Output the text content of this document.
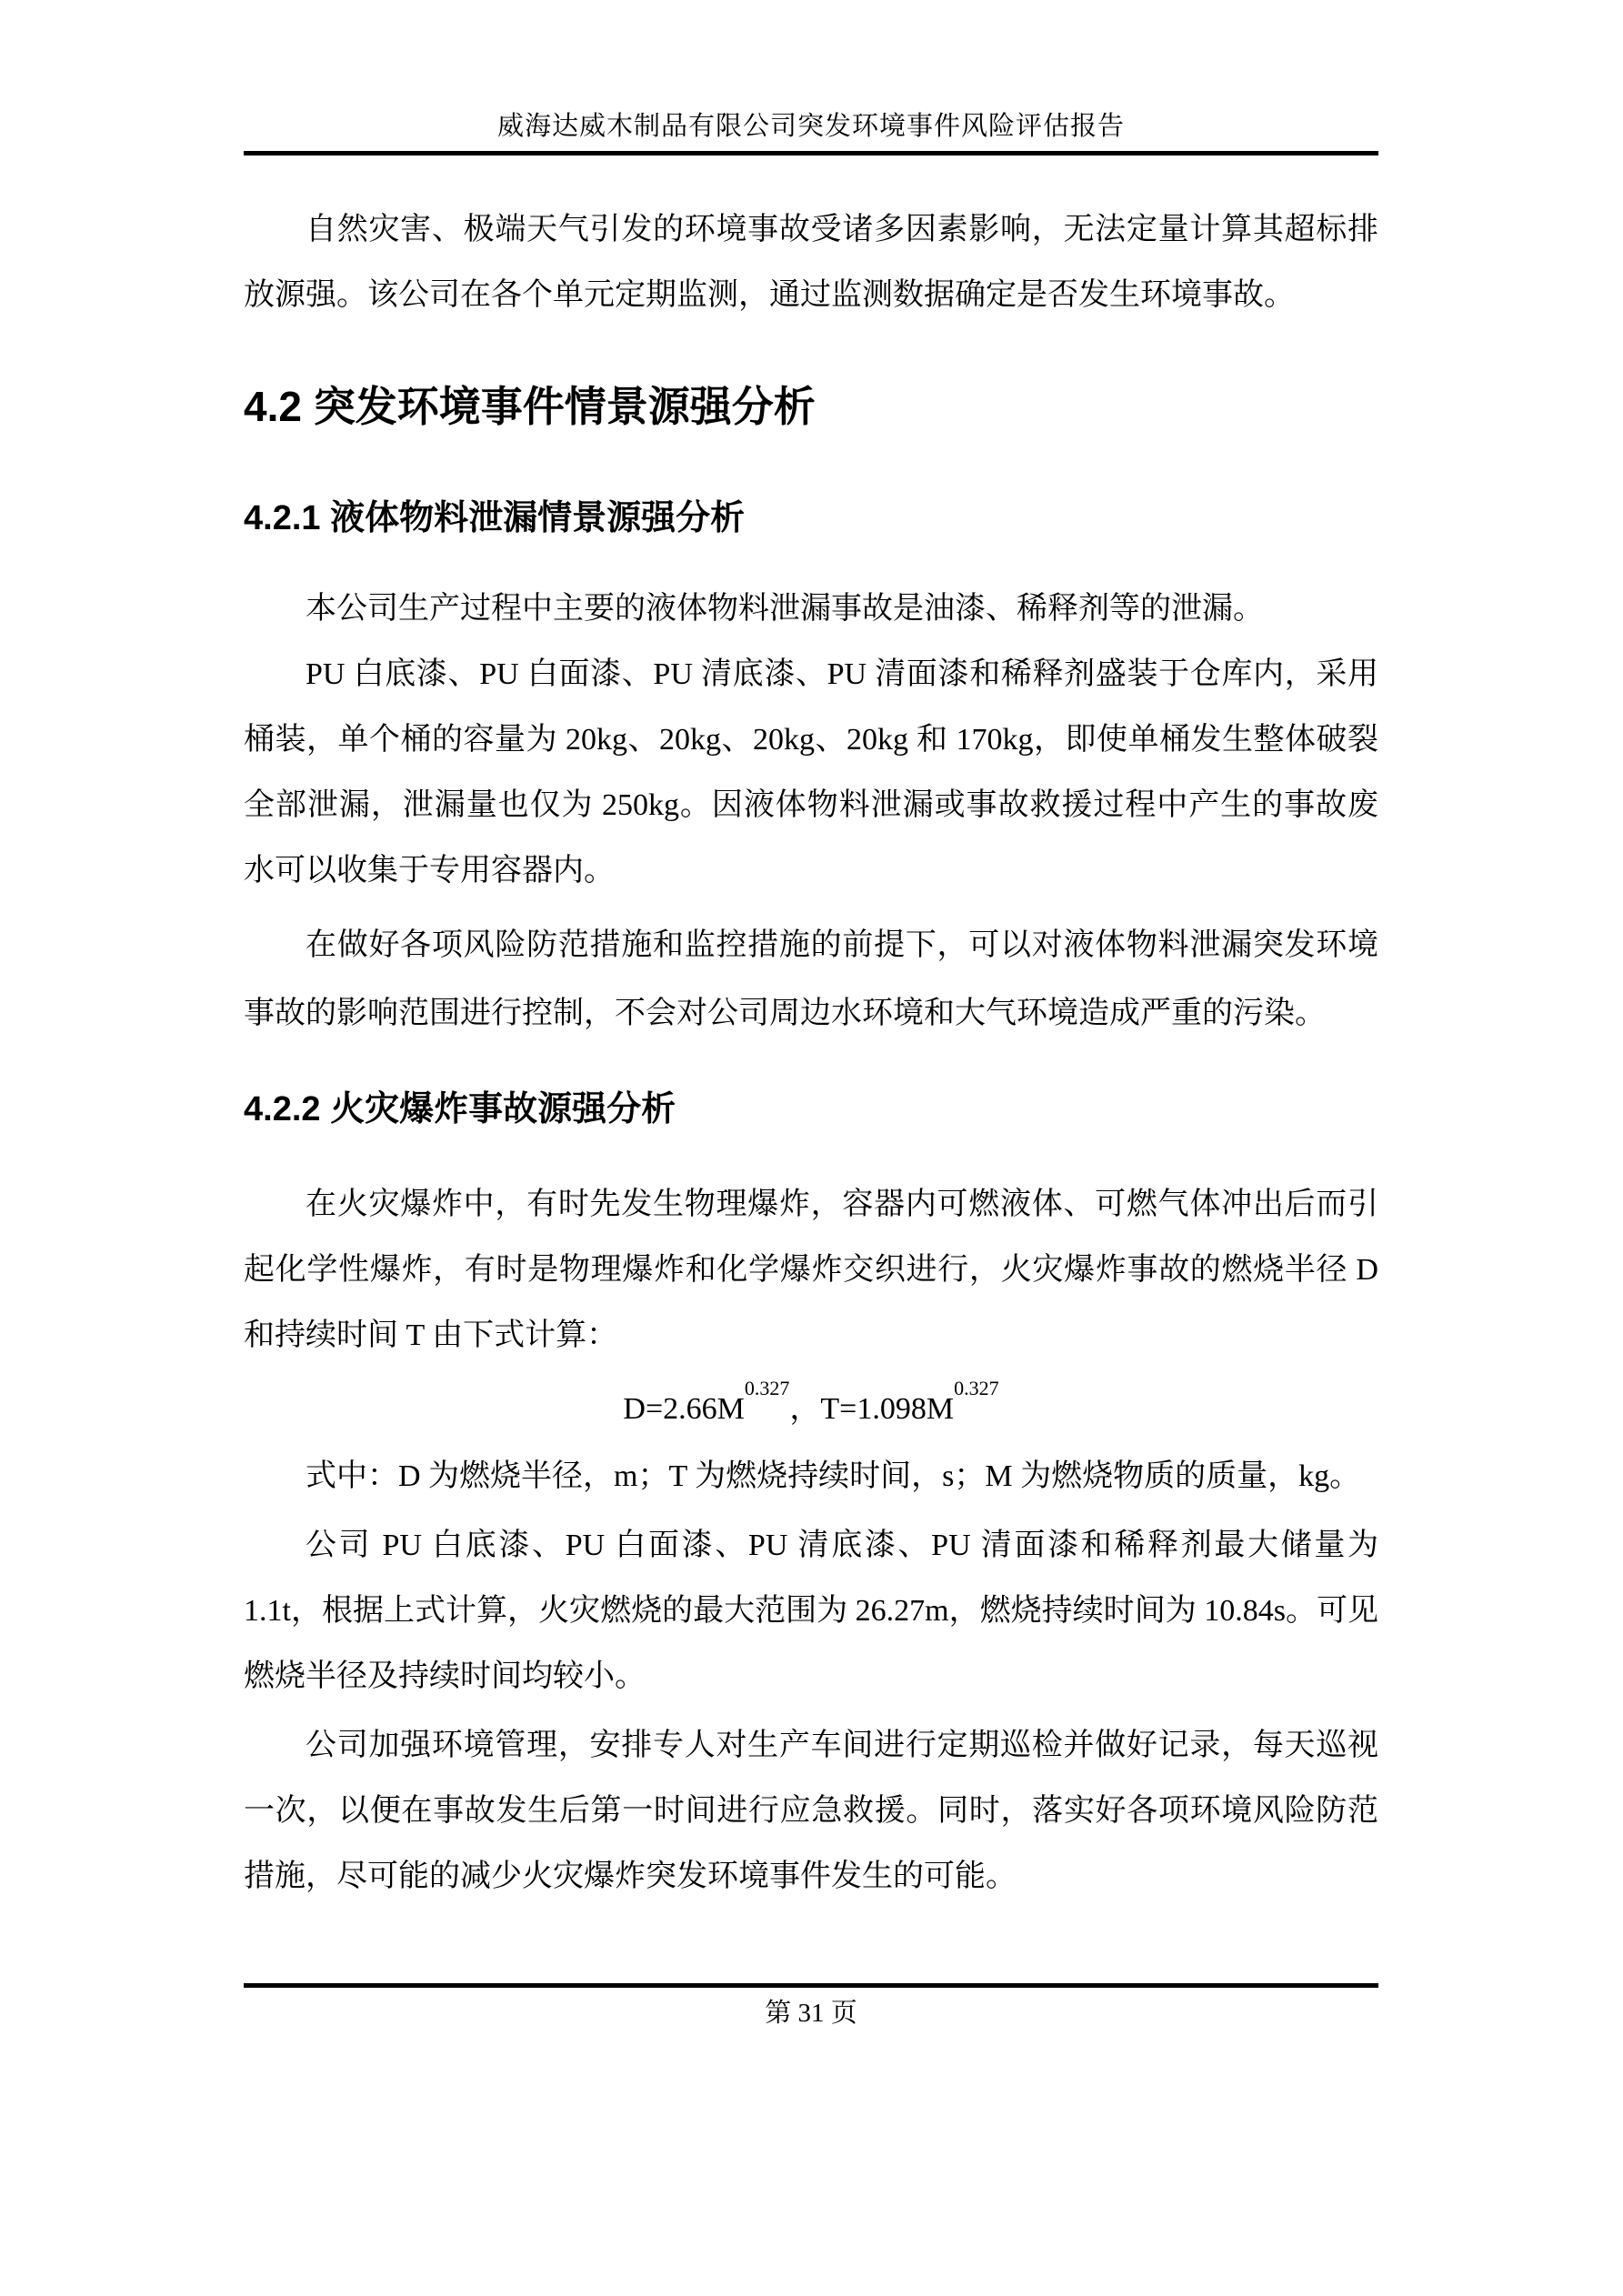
威海达威木制品有限公司突发环境事件风险评估报告

自然灾害、极端天气引发的环境事故受诸多因素影响，无法定量计算其超标排放源强。该公司在各个单元定期监测，通过监测数据确定是否发生环境事故。

4.2 突发环境事件情景源强分析
4.2.1 液体物料泄漏情景源强分析

本公司生产过程中主要的液体物料泄漏事故是油漆、稀释剂等的泄漏。

PU 白底漆、PU 白面漆、PU 清底漆、PU 清面漆和稀释剂盛装于仓库内，采用桶装，单个桶的容量为 20kg、20kg、20kg、20kg 和 170kg，即使单桶发生整体破裂全部泄漏，泄漏量也仅为 250kg。因液体物料泄漏或事故救援过程中产生的事故废水可以收集于专用容器内。

在做好各项风险防范措施和监控措施的前提下，可以对液体物料泄漏突发环境事故的影响范围进行控制，不会对公司周边水环境和大气环境造成严重的污染。

4.2.2 火灾爆炸事故源强分析

在火灾爆炸中，有时先发生物理爆炸，容器内可燃液体、可燃气体冲出后而引起化学性爆炸，有时是物理爆炸和化学爆炸交织进行，火灾爆炸事故的燃烧半径 D 和持续时间 T 由下式计算：

$D=2.66M^{0.327}$，$T=1.098M^{0.327}$

式中：D 为燃烧半径，m；T 为燃烧持续时间，s；M 为燃烧物质的质量，kg。

公司 PU 白底漆、PU 白面漆、PU 清底漆、PU 清面漆和稀释剂最大储量为 1.1t，根据上式计算，火灾燃烧的最大范围为 26.27m，燃烧持续时间为 10.84s。可见燃烧半径及持续时间均较小。

公司加强环境管理，安排专人对生产车间进行定期巡检并做好记录，每天巡视一次，以便在事故发生后第一时间进行应急救援。同时，落实好各项环境风险防范措施，尽可能的减少火灾爆炸突发环境事件发生的可能。

第 31 页
